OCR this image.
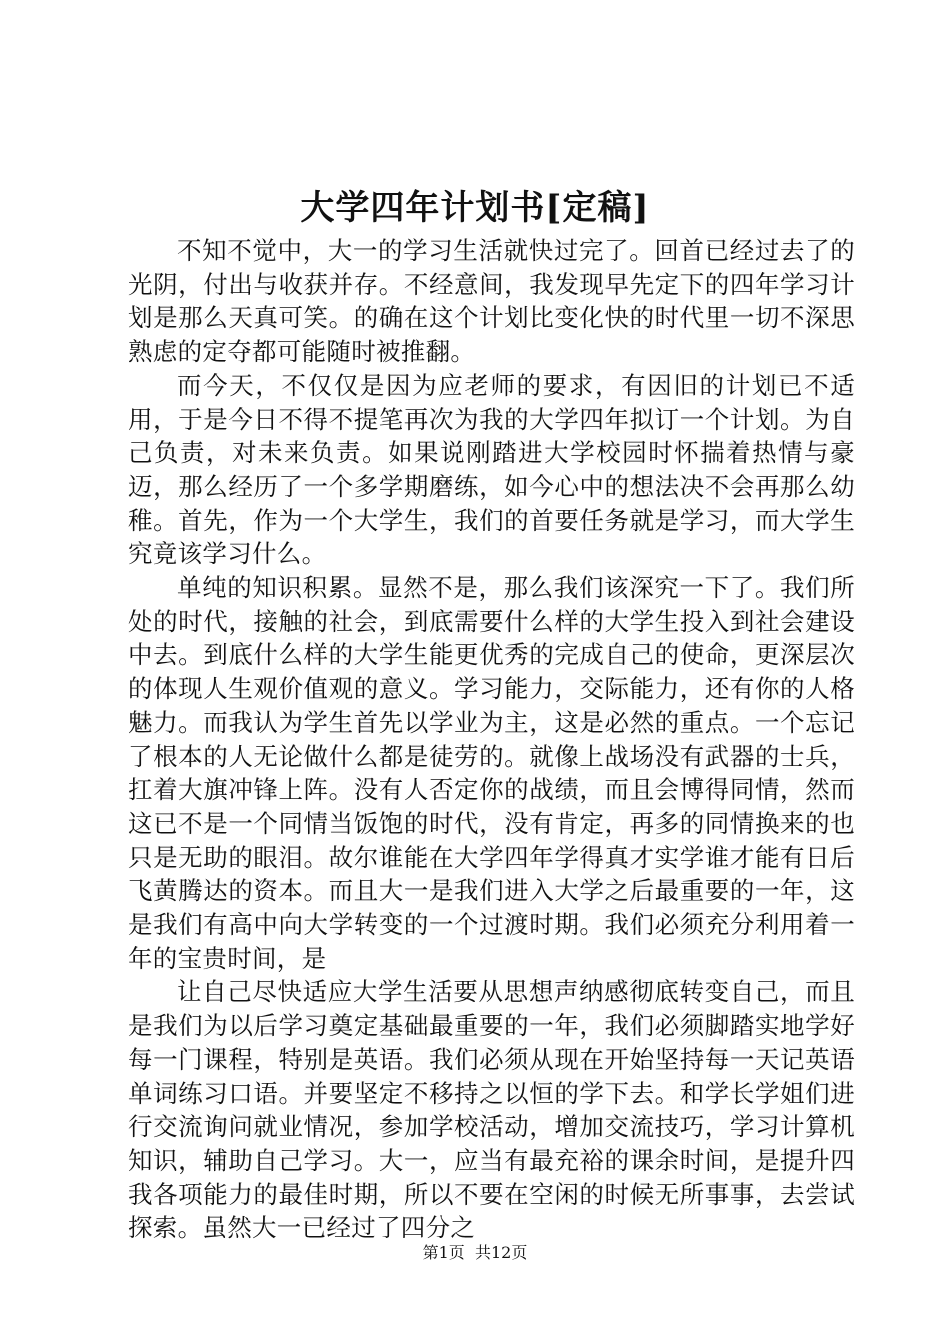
大学四年计划书[定稿]

不知不觉中，大一的学习生活就快过完了。回首已经过去了的光阴，付出与收获并存。不经意间，我发现早先定下的四年学习计划是那么天真可笑。的确在这个计划比变化快的时代里一切不深思熟虑的定夺都可能随时被推翻。

而今天，不仅仅是因为应老师的要求，有因旧的计划已不适用，于是今日不得不提笔再次为我的大学四年拟订一个计划。为自己负责，对未来负责。如果说刚踏进大学校园时怀揣着热情与豪迈，那么经历了一个多学期磨练，如今心中的想法决不会再那么幼稚。首先，作为一个大学生，我们的首要任务就是学习，而大学生究竟该学习什么。

单纯的知识积累。显然不是，那么我们该深究一下了。我们所处的时代，接触的社会，到底需要什么样的大学生投入到社会建设中去。到底什么样的大学生能更优秀的完成自己的使命，更深层次的体现人生观价值观的意义。学习能力，交际能力，还有你的人格魅力。而我认为学生首先以学业为主，这是必然的重点。一个忘记了根本的人无论做什么都是徒劳的。就像上战场没有武器的士兵，扛着大旗冲锋上阵。没有人否定你的战绩，而且会博得同情，然而这已不是一个同情当饭饱的时代，没有肯定，再多的同情换来的也只是无助的眼泪。故尔谁能在大学四年学得真才实学谁才能有日后飞黄腾达的资本。而且大一是我们进入大学之后最重要的一年，这是我们有高中向大学转变的一个过渡时期。我们必须充分利用着一年的宝贵时间，是

让自己尽快适应大学生活要从思想声纳感彻底转变自己，而且是我们为以后学习奠定基础最重要的一年，我们必须脚踏实地学好每一门课程，特别是英语。我们必须从现在开始坚持每一天记英语单词练习口语。并要坚定不移持之以恒的学下去。和学长学姐们进行交流询问就业情况，参加学校活动，增加交流技巧，学习计算机知识，辅助自己学习。大一，应当有最充裕的课余时间，是提升四我各项能力的最佳时期，所以不要在空闲的时候无所事事，去尝试探索。虽然大一已经过了四分之

第1页 共12页
